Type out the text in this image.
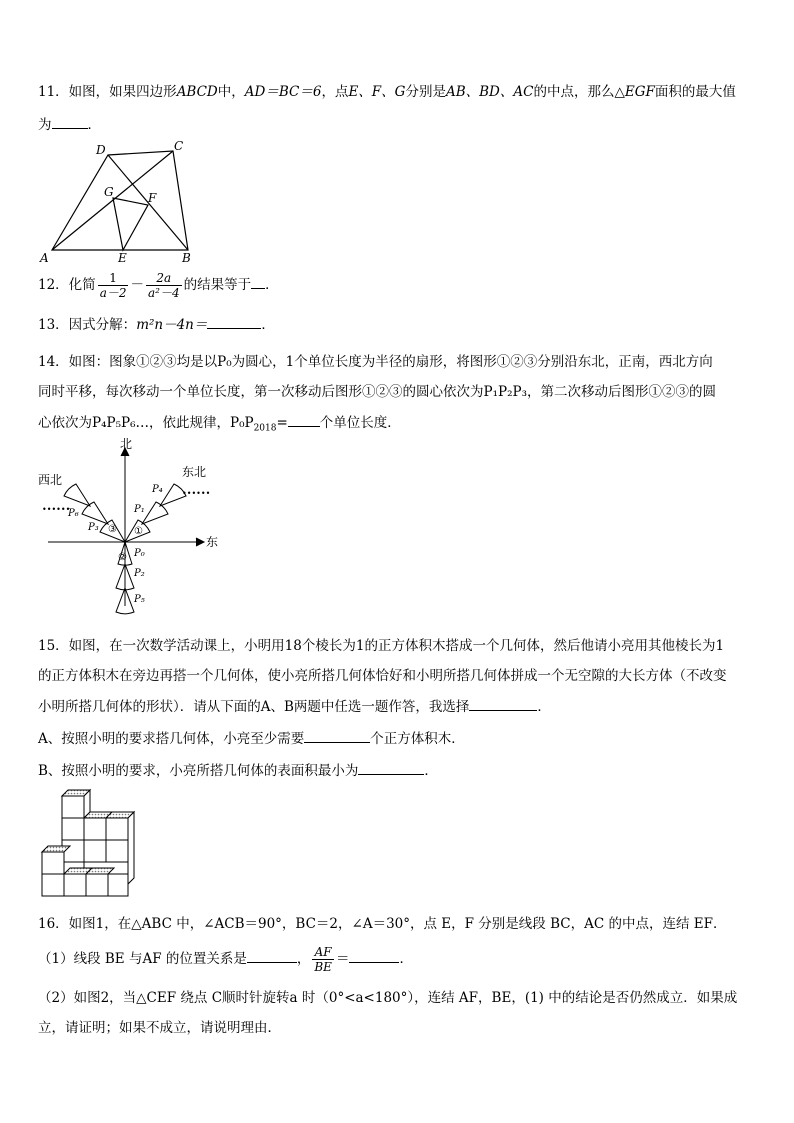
11．如图，如果四边形ABCD中，AD＝BC＝6，点E、F、G分别是AB、BD、AC的中点，那么△EGF面积的最大值
为	．
A	B
C
D
E
F
G
12．化简 $\frac{1}{a-2} - \frac{2a}{\text{a²－4}}$ 的结果等于 ．
13．因式分解：m²n－4n＝	．
14．如图：图象①②③均是以P₀为圆心，1个单位长度为半径的扇形，将图形①②③分别沿东北，正南，西北方向
同时平移，每次移动一个单位长度，第一次移动后图形①②③的圆心依次为P₁P₂P₃，第二次移动后图形①②③的圆
心依次为P₄P₅P₆…，依此规律，$P_0P_{2018}=$ 个单位长度．
北
东
东北
西北
P₀
P₁
P₂
P₃
P₄
P₅
P₆
①
②
③
••••••
••••••
15．如图，在一次数学活动课上，小明用18个棱长为1的正方体积木搭成一个几何体，然后他请小亮用其他棱长为1
的正方体积木在旁边再搭一个几何体，使小亮所搭几何体恰好和小明所搭几何体拼成一个无空隙的大长方体（不改变
小明所搭几何体的形状）．请从下面的A、B两题中任选一题作答，我选择	．
A、按照小明的要求搭几何体，小亮至少需要	个正方体积木．
B、按照小明的要求，小亮所搭几何体的表面积最小为	．
16．如图1，在△ABC 中，∠ACB＝90°，BC＝2，∠A＝30°，点 E，F 分别是线段 BC，AC 的中点，连结 EF．
（1）线段 BE 与AF 的位置关系是	， $\frac{AF}{BE}$ ＝	．
（2）如图2，当△CEF 绕点 C顺时针旋转a 时（0°<a<180°），连结 AF，BE，(1) 中的结论是否仍然成立．如果成
立，请证明；如果不成立，请说明理由．
